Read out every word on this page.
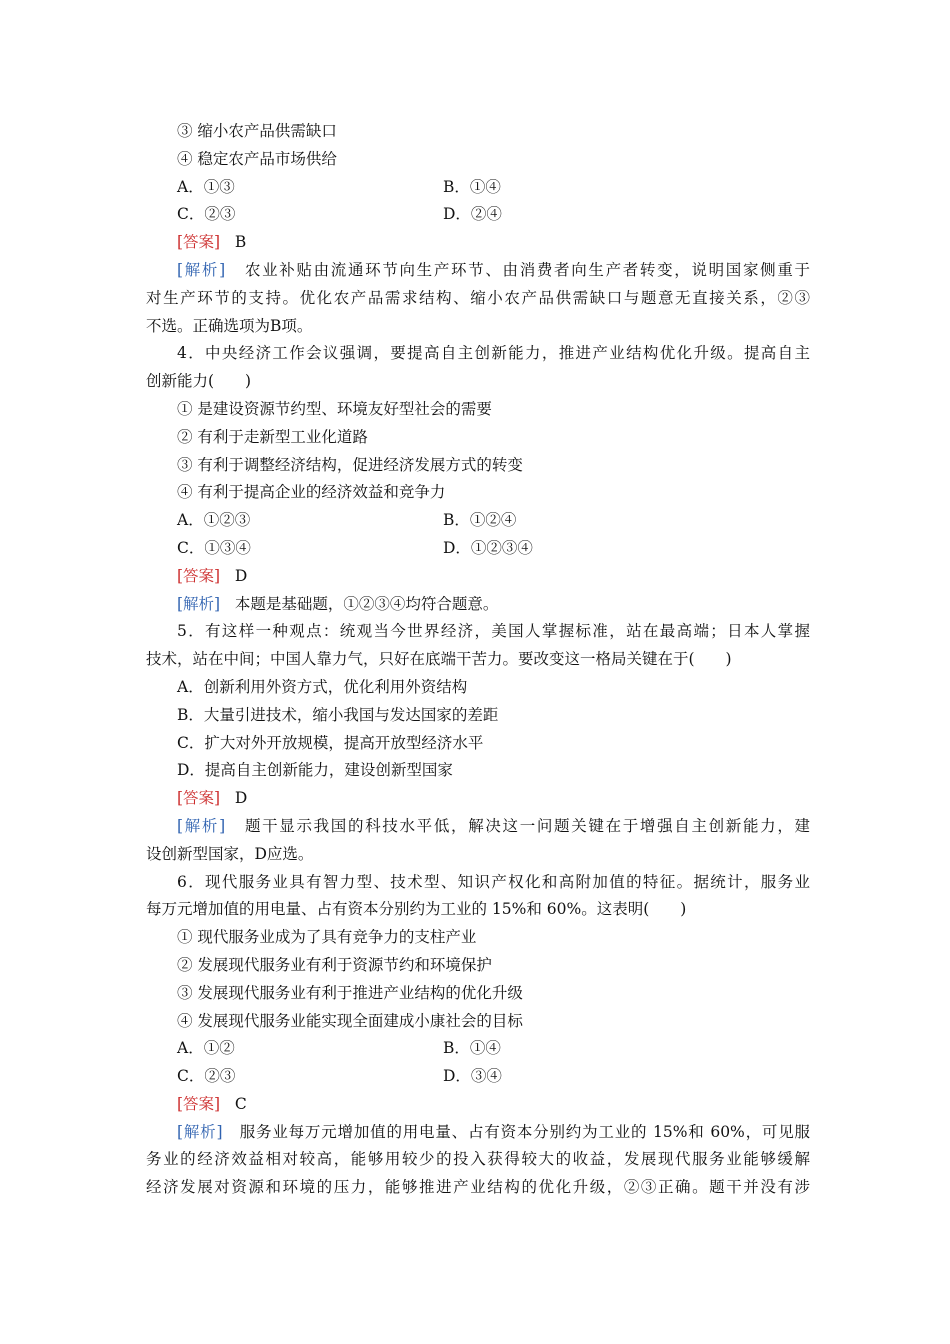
③ 缩小农产品供需缺口
④ 稳定农产品市场供给
A．①③	B．①④
C．②③	D．②④
[答案] B
[解析] 农业补贴由流通环节向生产环节、由消费者向生产者转变，说明国家侧重于
对生产环节的支持。优化农产品需求结构、缩小农产品供需缺口与题意无直接关系，②③
不选。正确选项为B项。
4．中央经济工作会议强调，要提高自主创新能力，推进产业结构优化升级。提高自主
创新能力(　　)
① 是建设资源节约型、环境友好型社会的需要
② 有利于走新型工业化道路
③ 有利于调整经济结构，促进经济发展方式的转变
④ 有利于提高企业的经济效益和竞争力
A．①②③	B．①②④
C．①③④	D．①②③④
[答案] D
[解析] 本题是基础题，①②③④均符合题意。
5．有这样一种观点：统观当今世界经济，美国人掌握标准，站在最高端；日本人掌握
技术，站在中间；中国人靠力气，只好在底端干苦力。要改变这一格局关键在于(　　)
A．创新利用外资方式，优化利用外资结构
B．大量引进技术，缩小我国与发达国家的差距
C．扩大对外开放规模，提高开放型经济水平
D．提高自主创新能力，建设创新型国家
[答案] D
[解析] 题干显示我国的科技水平低，解决这一问题关键在于增强自主创新能力，建
设创新型国家，D应选。
6．现代服务业具有智力型、技术型、知识产权化和高附加值的特征。据统计，服务业
每万元增加值的用电量、占有资本分别约为工业的 15%和 60%。这表明(　　)
① 现代服务业成为了具有竞争力的支柱产业
② 发展现代服务业有利于资源节约和环境保护
③ 发展现代服务业有利于推进产业结构的优化升级
④ 发展现代服务业能实现全面建成小康社会的目标
A．①②	B．①④
C．②③	D．③④
[答案] C
[解析] 服务业每万元增加值的用电量、占有资本分别约为工业的 15%和 60%，可见服
务业的经济效益相对较高，能够用较少的投入获得较大的收益，发展现代服务业能够缓解
经济发展对资源和环境的压力，能够推进产业结构的优化升级，②③正确。题干并没有涉
